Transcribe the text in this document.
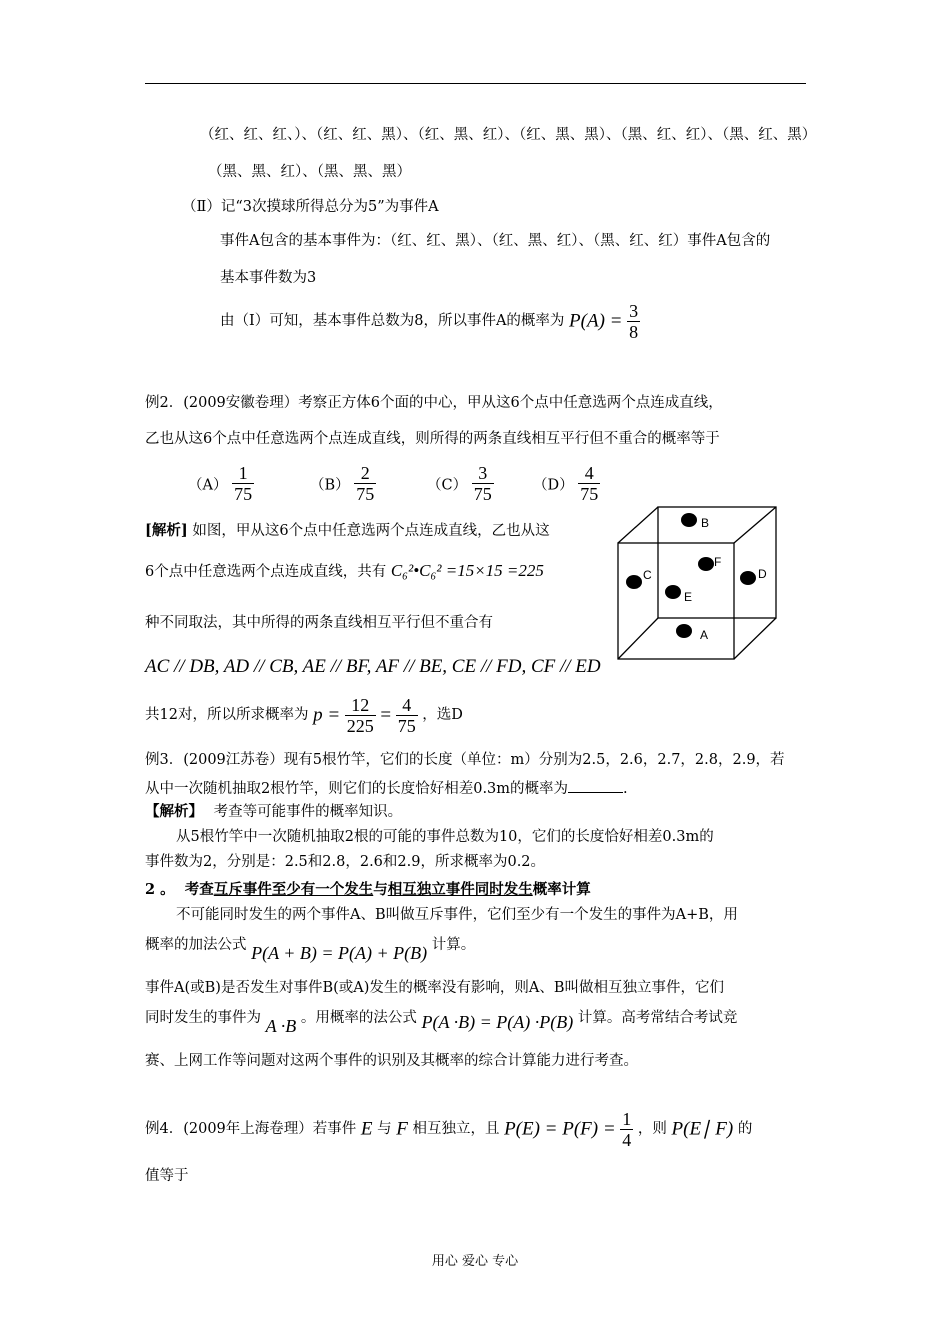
（红、红、红、）、（红、红、黑）、（红、黑、红）、（红、黑、黑）、（黑、红、红）、（黑、红、黑）
（黑、黑、红）、（黑、黑、黑）
（Ⅱ）记“3次摸球所得总分为5”为事件A
事件A包含的基本事件为：（红、红、黑）、（红、黑、红）、（黑、红、红）事件A包含的
基本事件数为3
由（I）可知，基本事件总数为8，所以事件A的概率为 $P(A) = \frac{3}{8}$
例2．(2009安徽卷理）考察正方体6个面的中心，甲从这6个点中任意选两个点连成直线，
乙也从这6个点中任意选两个点连成直线，则所得的两条直线相互平行但不重合的概率等于
$(A) \frac{1}{75}$	$(B) \frac{2}{75}$	$(C) \frac{3}{75}$	$(D) \frac{4}{75}$
[解析] 如图，甲从这6个点中任意选两个点连成直线，乙也从这
6个点中任意选两个点连成直线，共有 C₆²•C₆² =15×15 =225
种不同取法，其中所得的两条直线相互平行但不重合有
AC // DB, AD // CB, AE // BF, AF // BE, CE // FD, CF // ED
共12对，所以所求概率为 $p = \frac{12}{225} = \frac{4}{75}$ ，选D
B
F
C	D
E
A
例3．(2009江苏卷）现有5根竹竿，它们的长度（单位：m）分别为2.5，2.6，2.7，2.8，2.9，若
从中一次随机抽取2根竹竿，则它们的长度恰好相差0.3m的概率为	.
【解析】 考查等可能事件的概率知识。
从5根竹竿中一次随机抽取2根的可能的事件总数为10，它们的长度恰好相差0.3m的
事件数为2，分别是：2.5和2.8，2.6和2.9，所求概率为0.2。
2 。 考查互斥事件至少有一个发生与相互独立事件同时发生概率计算
不可能同时发生的两个事件A、B叫做互斥事件，它们至少有一个发生的事件为A+B，用
概率的加法公式 P(A + B) = P(A) + P(B) 计算。
事件A(或B)是否发生对事件B(或A)发生的概率没有影响，则A、B叫做相互独立事件，它们
同时发生的事件为 A ·B 。用概率的法公式 P(A ·B) = P(A) ·P(B) 计算。高考常结合考试竞
赛、上网工作等问题对这两个事件的识别及其概率的综合计算能力进行考查。
例4．(2009年上海卷理）若事件 E 与 F 相互独立，且 $P(E) = P(F) = \frac{1}{4}$ ，则 P(E∣ F) 的
值等于
用心 爱心 专心
